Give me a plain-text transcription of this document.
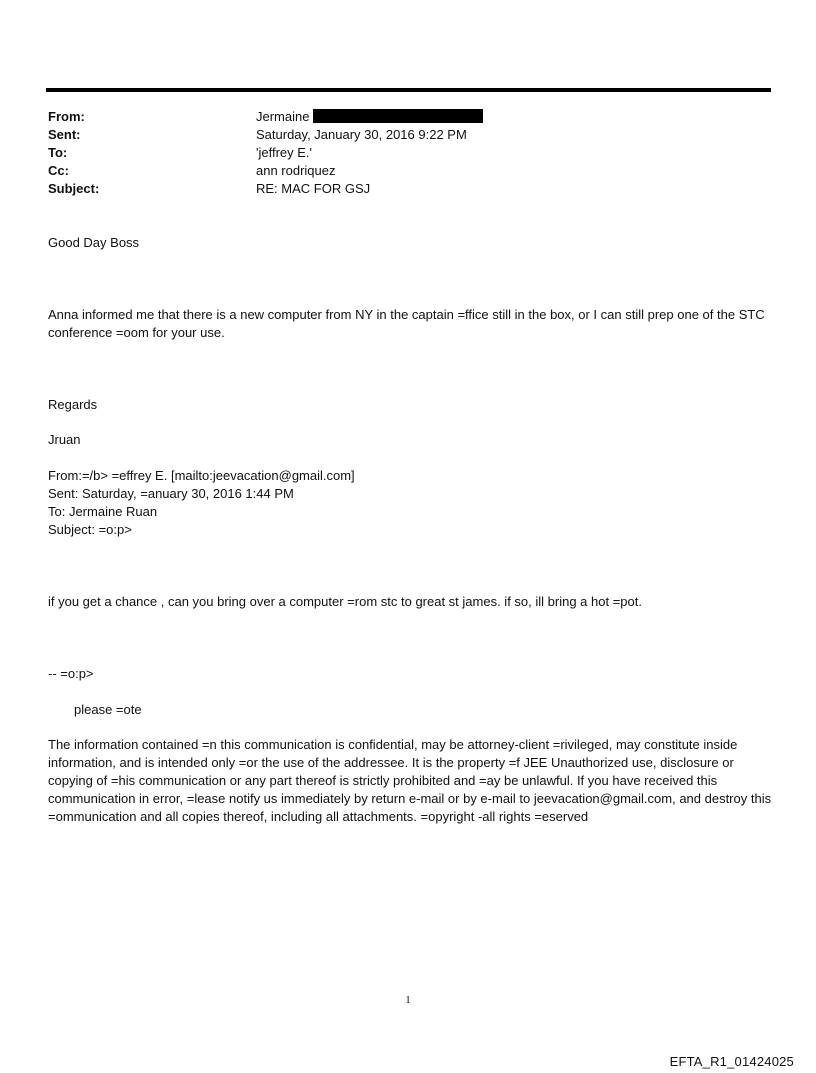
From:	Jermaine
Sent:	Saturday, January 30, 2016 9:22 PM
To:	'jeffrey E.'
Cc:	ann rodriquez
Subject:	RE: MAC FOR GSJ
Good Day Boss
Anna informed me that there is a new computer from NY in the captain =ffice still in the box, or I can still prep one of the STC conference =oom for your use.
Regards
Jruan
From:=/b> =effrey E. [mailto:jeevacation@gmail.com]
Sent: Saturday, =anuary 30, 2016 1:44 PM
To: Jermaine Ruan
Subject: =o:p>
if you get a chance , can you bring over a computer =rom stc to great st james. if so, ill bring a hot =pot.
-- =o:p>
please =ote
The information contained =n this communication is confidential, may be attorney-client =rivileged, may constitute inside information, and is intended only =or the use of the addressee. It is the property =f JEE Unauthorized use, disclosure or copying of =his communication or any part thereof is strictly prohibited and =ay be unlawful. If you have received this communication in error, =lease notify us immediately by return e-mail or by e-mail to jeevacation@gmail.com, and destroy this =ommunication and all copies thereof, including all attachments. =opyright -all rights =eserved
1
EFTA_R1_01424025
